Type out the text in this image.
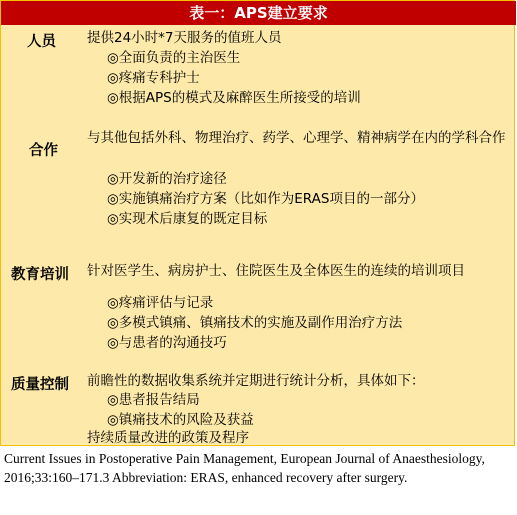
表一：APS建立要求
人员 提供24小时*7天服务的值班人员
◎全面负责的主治医生
◎疼痛专科护士
◎根据APS的模式及麻醉医生所接受的培训
合作
与其他包括外科、物理治疗、药学、心理学、精神病学在内的学科合作
◎开发新的治疗途径
◎实施镇痛治疗方案（比如作为ERAS项目的一部分）
◎实现术后康复的既定目标
教育培训 针对医学生、病房护士、住院医生及全体医生的连续的培训项目
◎疼痛评估与记录
◎多模式镇痛、镇痛技术的实施及副作用治疗方法
◎与患者的沟通技巧
质量控制 前瞻性的数据收集系统并定期进行统计分析，具体如下：
◎患者报告结局
◎镇痛技术的风险及获益
持续质量改进的政策及程序
Current Issues in Postoperative Pain Management, European Journal of Anaesthesiology, 2016;33:160–171.3 Abbreviation: ERAS, enhanced recovery after surgery.
